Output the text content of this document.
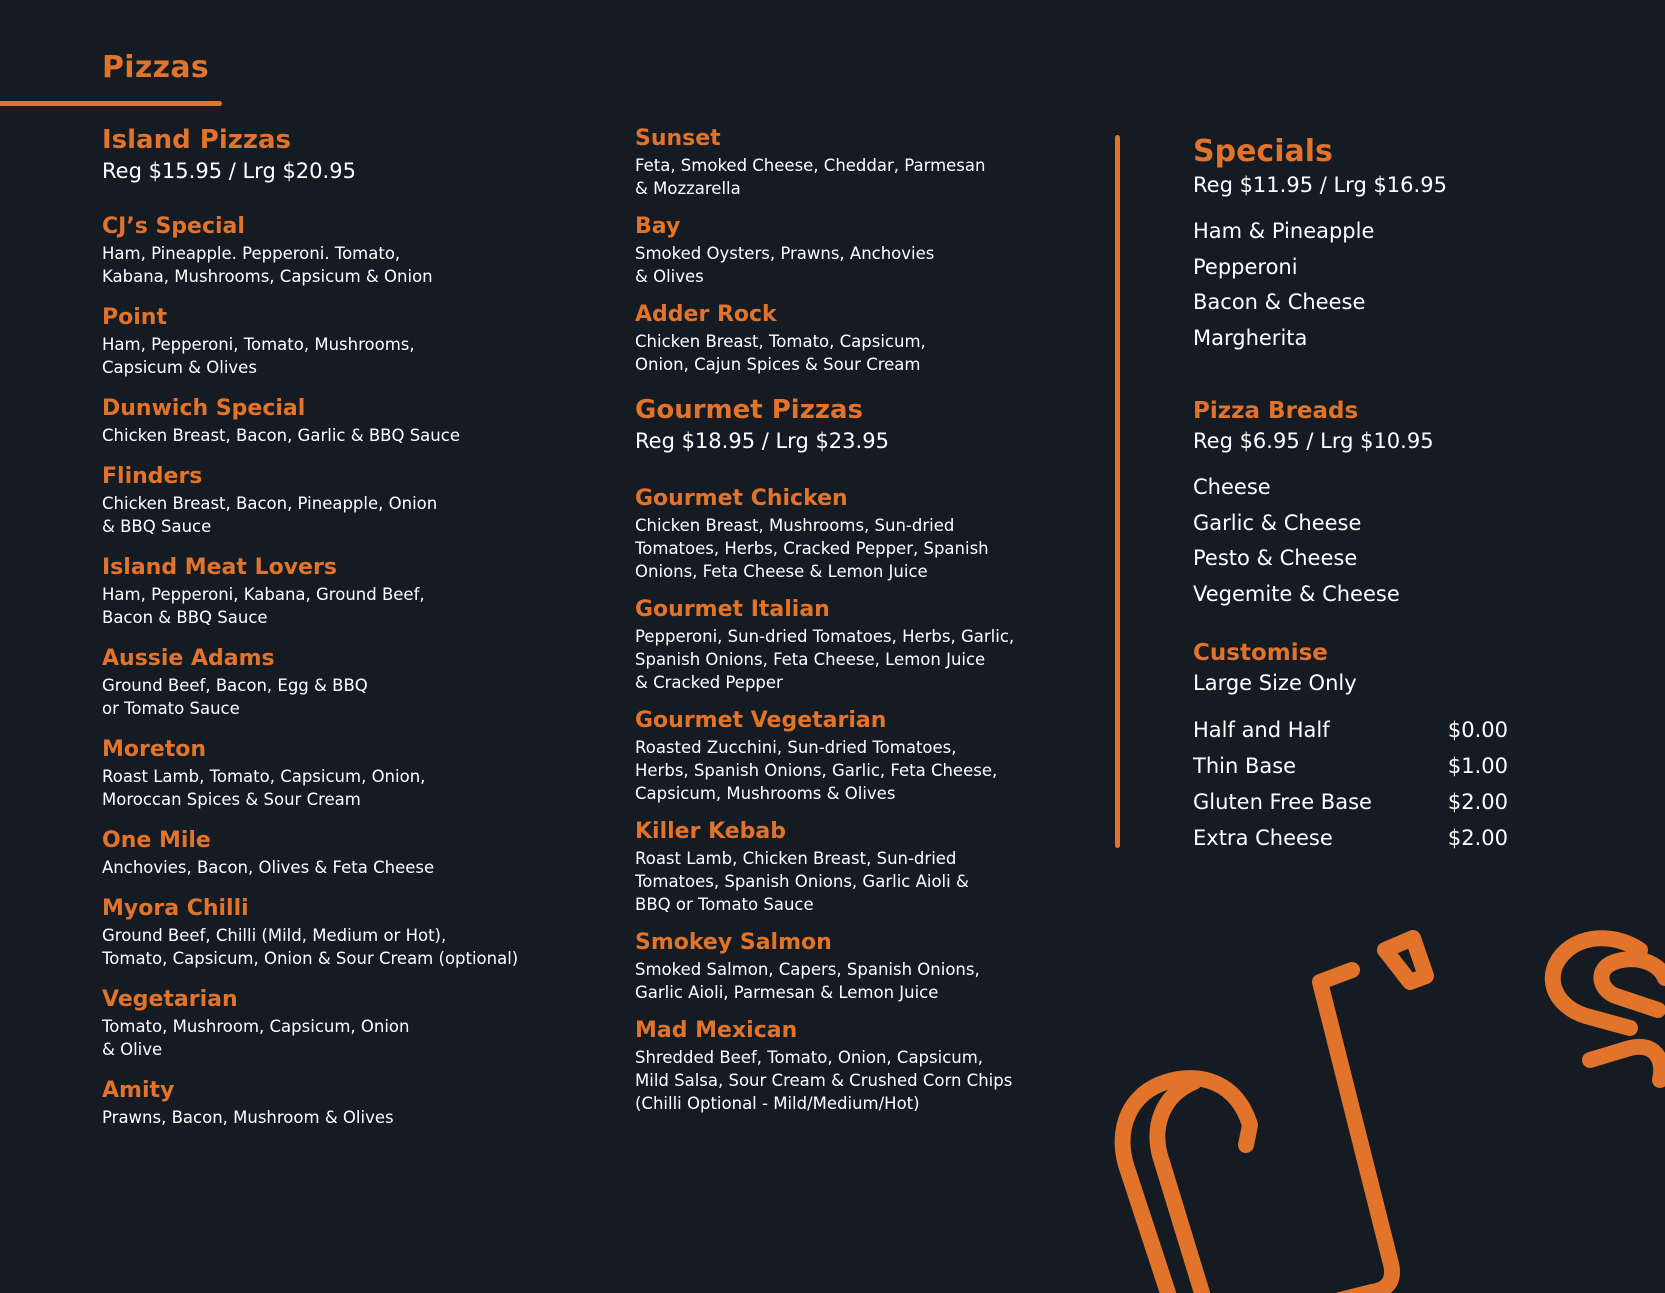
Pizzas
Island Pizzas
Reg $15.95 / Lrg $20.95
CJ’s Special
Ham, Pineapple. Pepperoni. Tomato,
Kabana, Mushrooms, Capsicum & Onion
Point
Ham, Pepperoni, Tomato, Mushrooms,
Capsicum & Olives
Dunwich Special
Chicken Breast, Bacon, Garlic & BBQ Sauce
Flinders
Chicken Breast, Bacon, Pineapple, Onion
& BBQ Sauce
Island Meat Lovers
Ham, Pepperoni, Kabana, Ground Beef,
Bacon & BBQ Sauce
Aussie Adams
Ground Beef, Bacon, Egg & BBQ
or Tomato Sauce
Moreton
Roast Lamb, Tomato, Capsicum, Onion,
Moroccan Spices & Sour Cream
One Mile
Anchovies, Bacon, Olives & Feta Cheese
Myora Chilli
Ground Beef, Chilli (Mild, Medium or Hot),
Tomato, Capsicum, Onion & Sour Cream (optional)
Vegetarian
Tomato, Mushroom, Capsicum, Onion
& Olive
Amity
Prawns, Bacon, Mushroom & Olives
Sunset
Feta, Smoked Cheese, Cheddar, Parmesan
& Mozzarella
Bay
Smoked Oysters, Prawns, Anchovies
& Olives
Adder Rock
Chicken Breast, Tomato, Capsicum,
Onion, Cajun Spices & Sour Cream
Gourmet Pizzas
Reg $18.95 / Lrg $23.95
Gourmet Chicken
Chicken Breast, Mushrooms, Sun-dried
Tomatoes, Herbs, Cracked Pepper, Spanish
Onions, Feta Cheese & Lemon Juice
Gourmet Italian
Pepperoni, Sun-dried Tomatoes, Herbs, Garlic,
Spanish Onions, Feta Cheese, Lemon Juice
& Cracked Pepper
Gourmet Vegetarian
Roasted Zucchini, Sun-dried Tomatoes,
Herbs, Spanish Onions, Garlic, Feta Cheese,
Capsicum, Mushrooms & Olives
Killer Kebab
Roast Lamb, Chicken Breast, Sun-dried
Tomatoes, Spanish Onions, Garlic Aioli &
BBQ or Tomato Sauce
Smokey Salmon
Smoked Salmon, Capers, Spanish Onions,
Garlic Aioli, Parmesan & Lemon Juice
Mad Mexican
Shredded Beef, Tomato, Onion, Capsicum,
Mild Salsa, Sour Cream & Crushed Corn Chips
(Chilli Optional - Mild/Medium/Hot)
Specials
Reg $11.95 / Lrg $16.95
Ham & Pineapple
Pepperoni
Bacon & Cheese
Margherita
Pizza Breads
Reg $6.95 / Lrg $10.95
Cheese
Garlic & Cheese
Pesto & Cheese
Vegemite & Cheese
Customise
Large Size Only
Half and Half	$0.00
Thin Base	$1.00
Gluten Free Base	$2.00
Extra Cheese	$2.00
